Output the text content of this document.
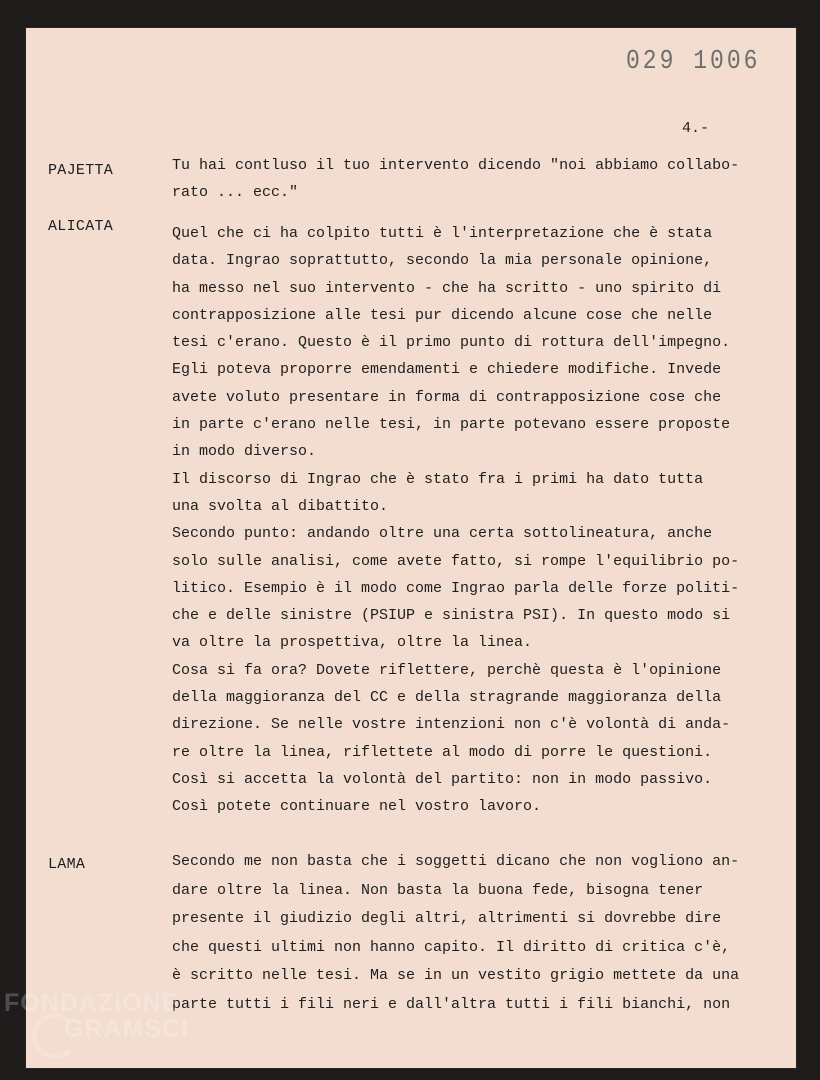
029 1006
4.-
PAJETTA	Tu hai contluso il tuo intervento dicendo "noi abbiamo collabo-
rato ... ecc."
ALICATA	Quel che ci ha colpito tutti è l'interpretazione che è stata
data. Ingrao soprattutto, secondo la mia personale opinione,
ha messo nel suo intervento - che ha scritto - uno spirito di
contrapposizione alle tesi pur dicendo alcune cose che nelle
tesi c'erano. Questo è il primo punto di rottura dell'impegno.
Egli poteva proporre emendamenti e chiedere modifiche. Invede
avete voluto presentare in forma di contrapposizione cose che
in parte c'erano nelle tesi, in parte potevano essere proposte
in modo diverso.
Il discorso di Ingrao che è stato fra i primi ha dato tutta
una svolta al dibattito.
Secondo punto: andando oltre una certa sottolineatura, anche
solo sulle analisi, come avete fatto, si rompe l'equilibrio po-
litico. Esempio è il modo come Ingrao parla delle forze politi-
che e delle sinistre (PSIUP e sinistra PSI). In questo modo si
va oltre la prospettiva, oltre la linea.
Cosa si fa ora? Dovete riflettere, perchè questa è l'opinione
della maggioranza del CC e della stragrande maggioranza della
direzione. Se nelle vostre intenzioni non c'è volontà di anda-
re oltre la linea, riflettete al modo di porre le questioni.
Così si accetta la volontà del partito: non in modo passivo.
Così potete continuare nel vostro lavoro.
LAMA	Secondo me non basta che i soggetti dicano che non vogliono an-
dare oltre la linea. Non basta la buona fede, bisogna tener
presente il giudizio degli altri, altrimenti si dovrebbe dire
che questi ultimi non hanno capito. Il diritto di critica c'è,
è scritto nelle tesi. Ma se in un vestito grigio mettete da una
parte tutti i fili neri e dall'altra tutti i fili bianchi, non
FONDAZIONE
GRAMSCI
